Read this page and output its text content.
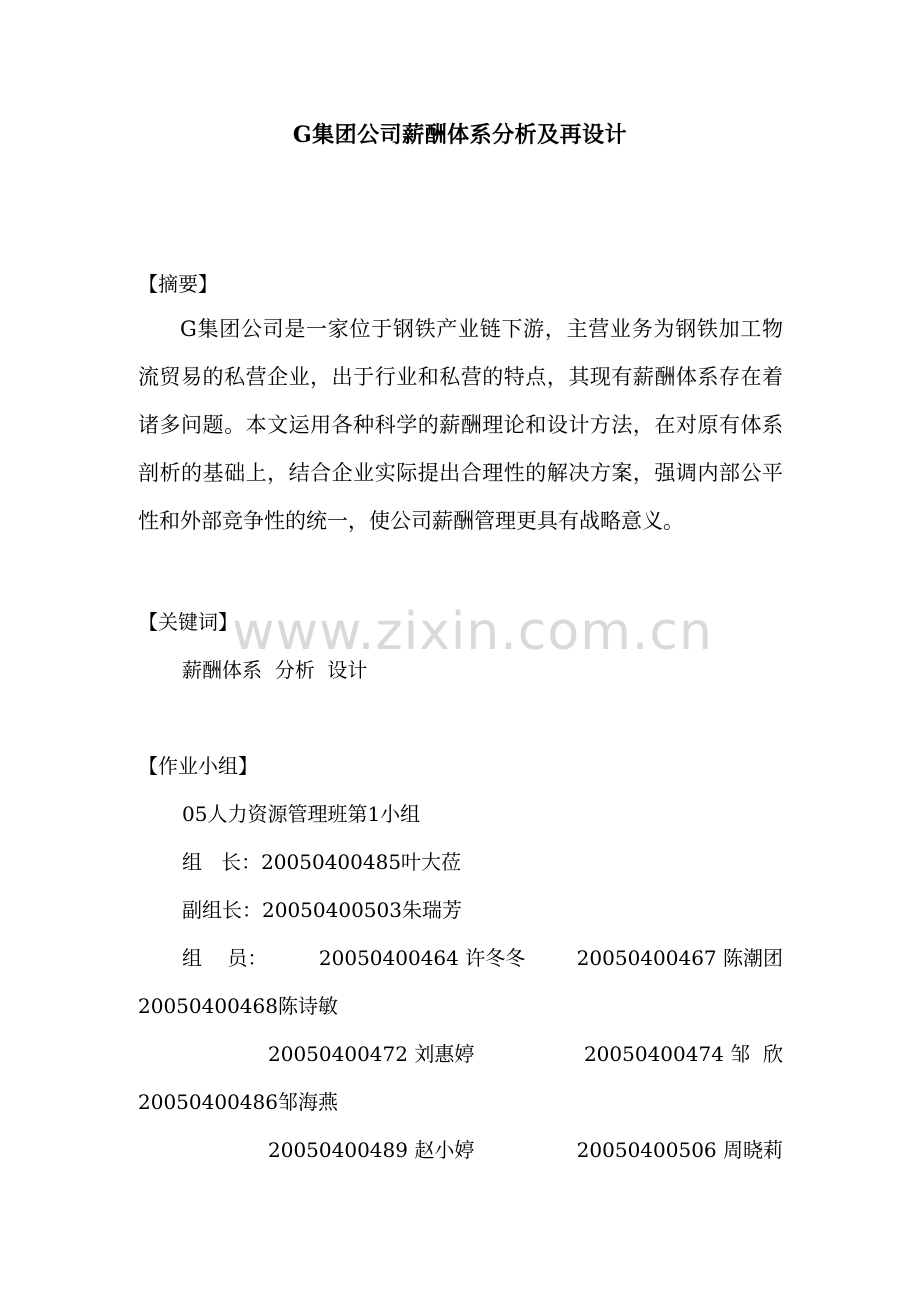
G集团公司薪酬体系分析及再设计
【摘要】
G集团公司是一家位于钢铁产业链下游，主营业务为钢铁加工物流贸易的私营企业，出于行业和私营的特点，其现有薪酬体系存在着诸多问题。本文运用各种科学的薪酬理论和设计方法，在对原有体系剖析的基础上，结合企业实际提出合理性的解决方案，强调内部公平性和外部竞争性的统一，使公司薪酬管理更具有战略意义。
【关键词】
薪酬体系  分析  设计
【作业小组】
05人力资源管理班第1小组
组   长：20050400485叶大莅
副组长：20050400503朱瑞芳
组    员：	20050400464 许冬冬	20050400467 陈潮团
20050400468陈诗敏
20050400472 刘惠婷	20050400474 邹  欣
20050400486邹海燕
20050400489 赵小婷	20050400506 周晓莉
www.zixin.com.cn
